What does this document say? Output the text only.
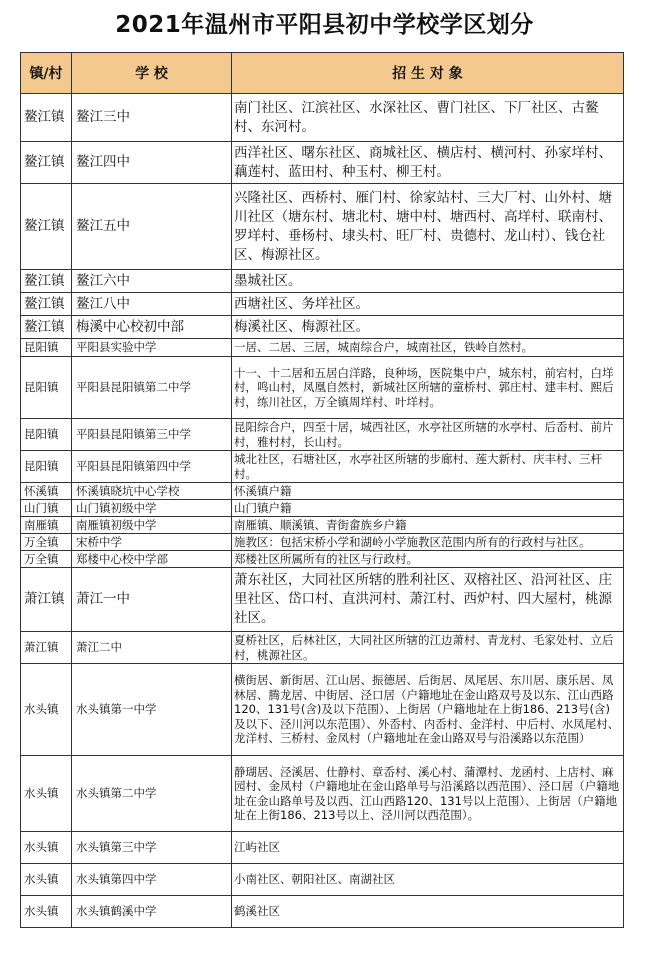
2021年温州市平阳县初中学校学区划分
镇/村	学 校	招 生 对 象
鳌江镇	鳌江三中	南门社区、江滨社区、水深社区、曹门社区、下厂社区、古鳌村、东河村。
鳌江镇	鳌江四中	西洋社区、曙东社区、商城社区、横店村、横河村、孙家垟村、藕莲村、蓝田村、种玉村、柳王村。
鳌江镇	鳌江五中	兴隆社区、西桥村、雁门村、徐家站村、三大厂村、山外村、塘川社区（塘东村、塘北村、塘中村、塘西村、高垟村、联南村、罗垟村、垂杨村、埭头村、旺厂村、贵德村、龙山村）、钱仓社区、梅源社区。
鳌江镇	鳌江六中	墨城社区。
鳌江镇	鳌江八中	西塘社区、务垟社区。
鳌江镇	梅溪中心校初中部	梅溪社区、梅源社区。
昆阳镇	平阳县实验中学	一居、二居、三居，城南综合户，城南社区，铁岭自然村。
昆阳镇	平阳县昆阳镇第二中学	十一、十二居和五居白洋路，良种场，医院集中户，城东村，前宕村，白垟村，鸣山村，凤凰自然村，新城社区所辖的童桥村、郭庄村、建丰村、熙后村，练川社区，万全镇周垟村、叶垟村。
昆阳镇	平阳县昆阳镇第三中学	昆阳综合户，四至十居，城西社区，水亭社区所辖的水亭村、后岙村、前片村，雅村村，长山村。
昆阳镇	平阳县昆阳镇第四中学	城北社区，石塘社区，水亭社区所辖的步廊村、莲大新村、庆丰村、三杆村。
怀溪镇	怀溪镇晓坑中心学校	怀溪镇户籍
山门镇	山门镇初级中学	山门镇户籍
南雁镇	南雁镇初级中学	南雁镇、顺溪镇、青街畲族乡户籍
万全镇	宋桥中学	施教区：包括宋桥小学和湖岭小学施教区范围内所有的行政村与社区。
万全镇	郑楼中心校中学部	郑楼社区所属所有的社区与行政村。
萧江镇	萧江一中	萧东社区，大同社区所辖的胜利社区、双榕社区、沿河社区、庄里社区、岱口村、直洪河村、萧江村、西炉村、四大屋村，桃源社区。
萧江镇	萧江二中	夏桥社区，后林社区，大同社区所辖的江边萧村、青龙村、毛家处村、立后村，桃源社区。
水头镇	水头镇第一中学	横街居、新街居、江山居、振德居、后街居、凤尾居、东川居、康乐居、凤林居、腾龙居、中街居、泾口居（户籍地址在金山路双号及以东、江山西路120、131号(含)及以下范围）、上街居（户籍地址在上街186、213号(含)及以下、泾川河以东范围）、外岙村、内岙村、金洋村、中后村、水凤尾村、龙洋村、三桥村、金凤村（户籍地址在金山路双号与沿溪路以东范围）
水头镇	水头镇第二中学	静瑚居、泾溪居、仕静村、章岙村、溪心村、蒲潭村、龙函村、上店村、麻园村、金凤村（户籍地址在金山路单号与沿溪路以西范围）、泾口居（户籍地址在金山路单号及以西、江山西路120、131号以上范围）、上街居（户籍地址在上街186、213号以上、泾川河以西范围）。
水头镇	水头镇第三中学	江屿社区
水头镇	水头镇第四中学	小南社区、朝阳社区、南湖社区
水头镇	水头镇鹤溪中学	鹤溪社区
